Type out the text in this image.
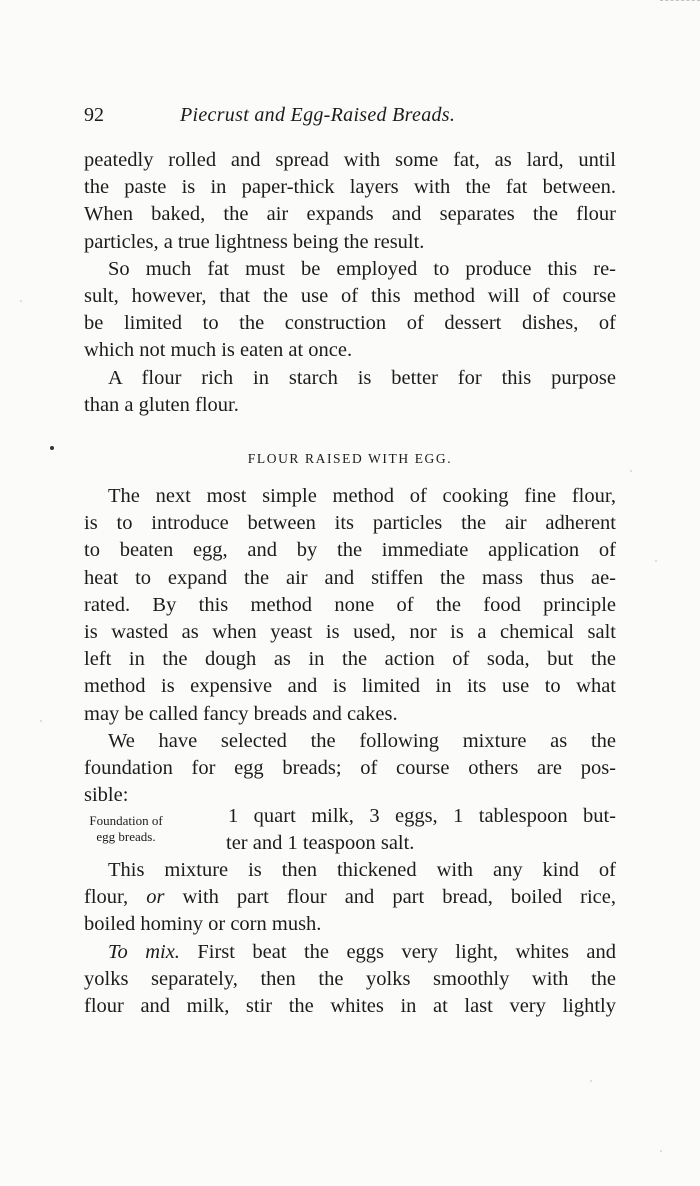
92	Piecrust and Egg-Raised Breads.

peatedly rolled and spread with some fat, as lard, until

the paste is in paper-thick layers with the fat between.

When baked, the air expands and separates the flour

particles, a true lightness being the result.

So much fat must be employed to produce this re-

sult, however, that the use of this method will of course

be limited to the construction of dessert dishes, of

which not much is eaten at once.

A flour rich in starch is better for this purpose

than a gluten flour.

FLOUR RAISED WITH EGG.

The next most simple method of cooking fine flour,

is to introduce between its particles the air adherent

to beaten egg, and by the immediate application of

heat to expand the air and stiffen the mass thus ae-

rated. By this method none of the food principle

is wasted as when yeast is used, nor is a chemical salt

left in the dough as in the action of soda, but the

method is expensive and is limited in its use to what

may be called fancy breads and cakes.

We have selected the following mixture as the

foundation for egg breads; of course others are pos-

sible:

Foundation of
egg breads.
1 quart milk, 3 eggs, 1 tablespoon but-
ter and 1 teaspoon salt.

This mixture is then thickened with any kind of

flour, or with part flour and part bread, boiled rice,

boiled hominy or corn mush.

To mix. First beat the eggs very light, whites and

yolks separately, then the yolks smoothly with the

flour and milk, stir the whites in at last very lightly
